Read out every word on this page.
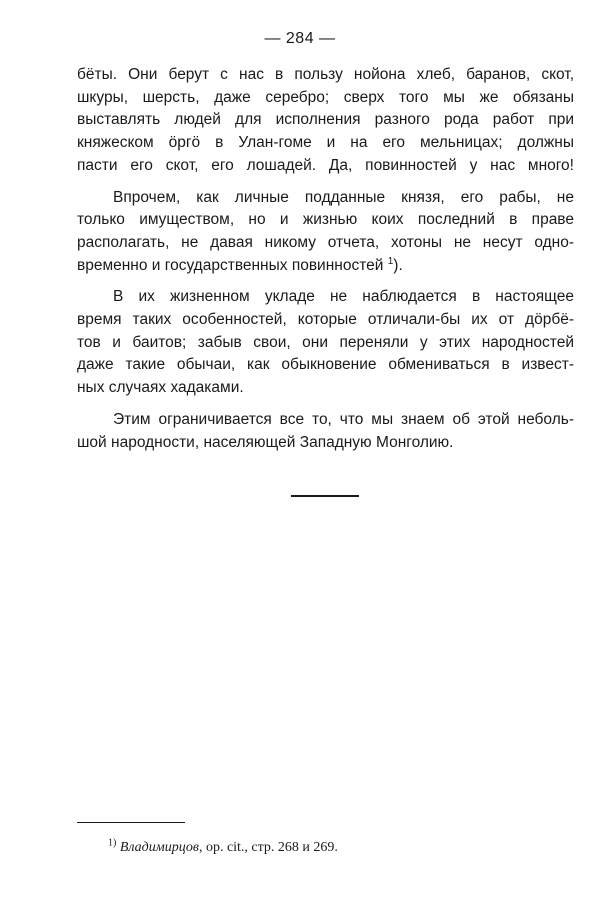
— 284 —
бёты. Они берут с нас в пользу нойона хлеб, баранов, скот,
шкуры, шерсть, даже серебро; сверх того мы же обязаны
выставлять людей для исполнения разного рода работ при
княжеском öргö в Улан-гоме и на его мельницах; должны
пасти его скот, его лошадей. Да, повинностей у нас много!
Впрочем, как личные подданные князя, его рабы, не
только имуществом, но и жизнью коих последний в праве
располагать, не давая никому отчета, хотоны не несут одно-
временно и государственных повинностей $^1$).
В их жизненном укладе не наблюдается в настоящее
время таких особенностей, которые отличали-бы их от дöрбё-
тов и баитов; забыв свои, они переняли у этих народностей
даже такие обычаи, как обыкновение обмениваться в извест-
ных случаях хадаками.
Этим ограничивается все то, что мы знаем об этой неболь-
шой народности, населяющей Западную Монголию.
$^{1)}$ Владимирцов, op. cit., стр. 268 и 269.
